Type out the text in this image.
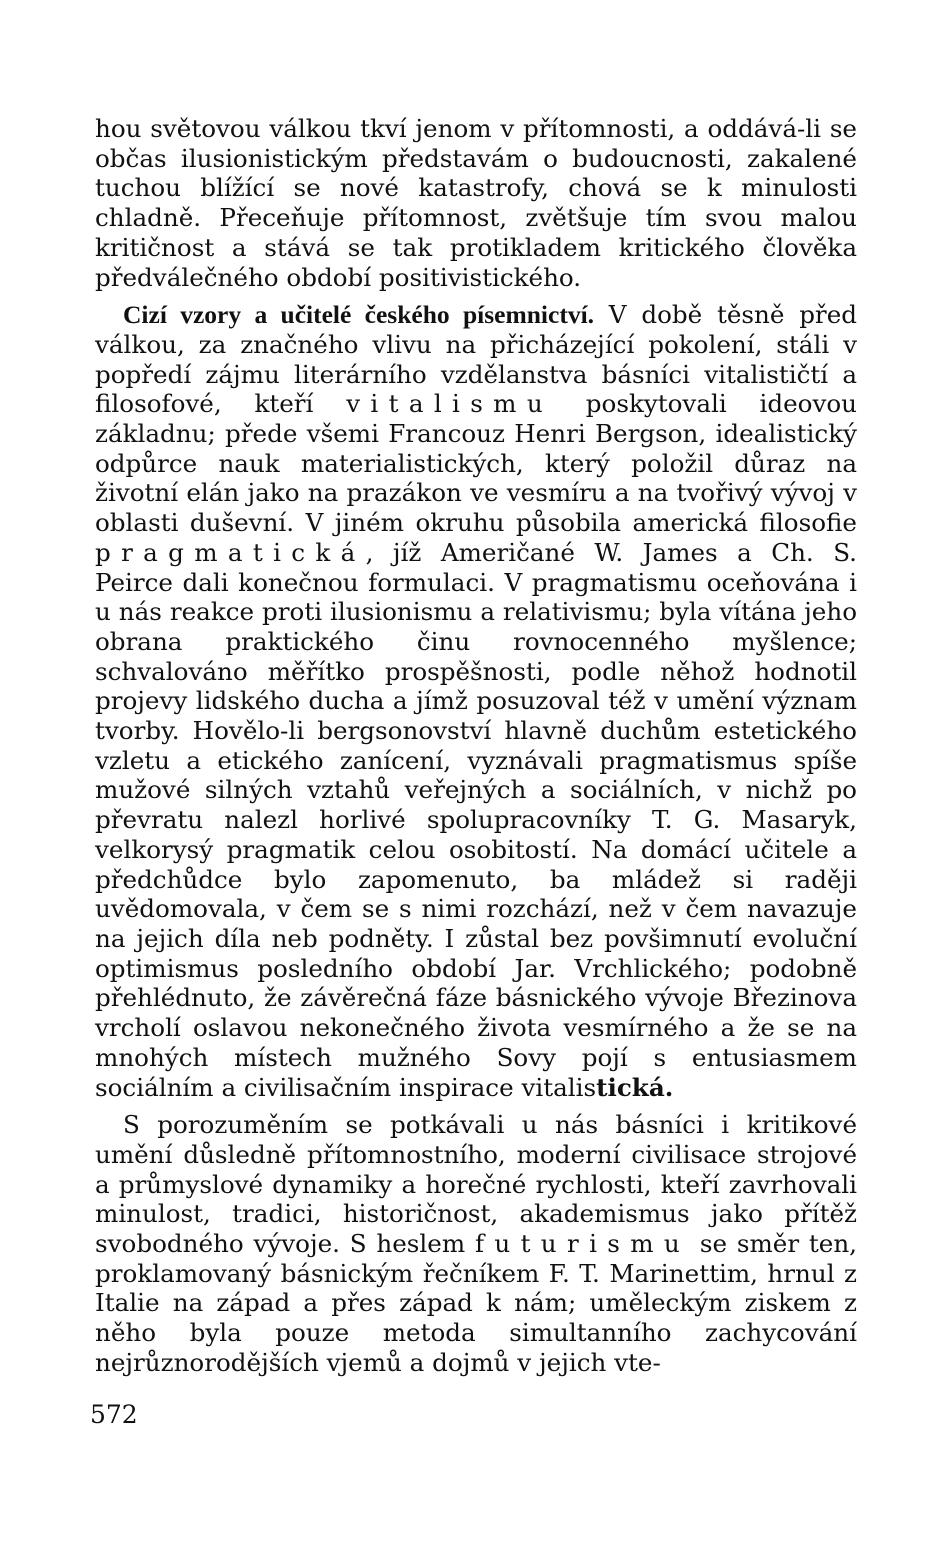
hou světovou válkou tkví jenom v přítomnosti, a oddává-li se občas ilusionistickým představám o budoucnosti, zakalené tuchou blížící se nové katastrofy, chová se k minulosti chladně. Přeceňuje přítomnost, zvětšuje tím svou malou kritičnost a stává se tak protikladem kritického člověka předválečného období positivistického.

Cizí vzory a učitelé českého písemnictví. V době těsně před válkou, za značného vlivu na přicházející pokolení, stáli v popředí zájmu literárního vzdělanstva básníci vitalističtí a filosofové, kteří vitalismu poskytovali ideovou základnu; přede všemi Francouz Henri Bergson, idealistický odpůrce nauk materialistických, který položil důraz na životní elán jako na prazákon ve vesmíru a na tvořivý vývoj v oblasti duševní. V jiném okruhu působila americká filosofie pragmatická, jíž Američané W. James a Ch. S. Peirce dali konečnou formulaci. V pragmatismu oceňována i u nás reakce proti ilusionismu a relativismu; byla vítána jeho obrana praktického činu rovnocenného myšlence; schvalováno měřítko prospěšnosti, podle něhož hodnotil projevy lidského ducha a jímž posuzoval též v umění význam tvorby. Hovělo-li bergsonovství hlavně duchům estetického vzletu a etického zanícení, vyznávali pragmatismus spíše mužové silných vztahů veřejných a sociálních, v nichž po převratu nalezl horlivé spolupracovníky T. G. Masaryk, velkorysý pragmatik celou osobitostí. Na domácí učitele a předchůdce bylo zapomenuto, ba mládež si raději uvědomovala, v čem se s nimi rozchází, než v čem navazuje na jejich díla neb podněty. I zůstal bez povšimnutí evoluční optimismus posledního období Jar. Vrchlického; podobně přehlédnuto, že závěrečná fáze básnického vývoje Březinova vrcholí oslavou nekonečného života vesmírného a že se na mnohých místech mužného Sovy pojí s entusiasmem sociálním a civilisačním inspirace vitalistická.

S porozuměním se potkávali u nás básníci i kritikové umění důsledně přítomnostního, moderní civilisace strojové a průmyslové dynamiky a horečné rychlosti, kteří zavrhovali minulost, tradici, historičnost, akademismus jako přítěž svobodného vývoje. S heslem futurismu se směr ten, proklamovaný básnickým řečníkem F. T. Marinettim, hrnul z Italie na západ a přes západ k nám; uměleckým ziskem z něho byla pouze metoda simultanního zachycování nejrůznorodějších vjemů a dojmů v jejich vte-

572
